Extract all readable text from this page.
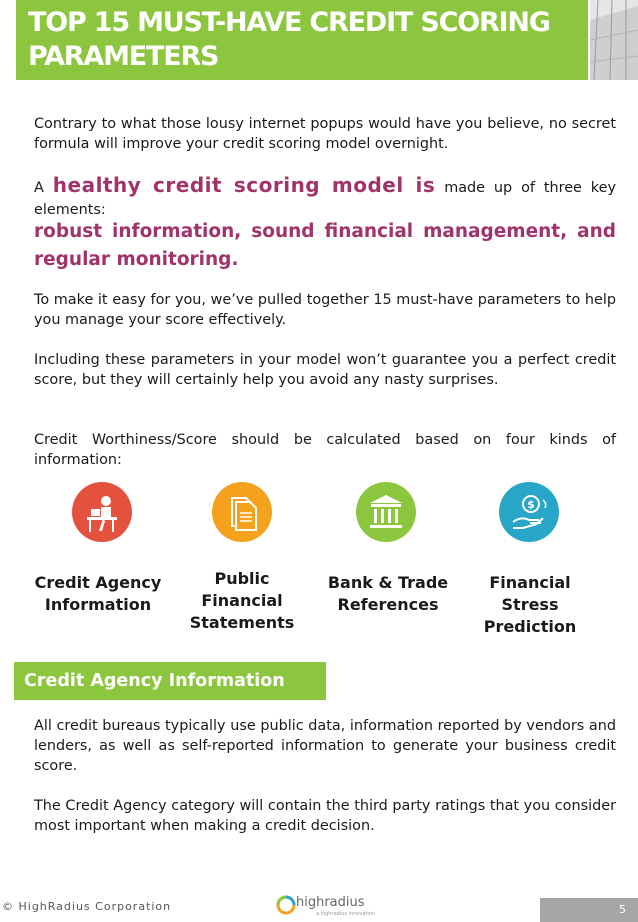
TOP 15 MUST-HAVE CREDIT SCORING PARAMETERS

Contrary to what those lousy internet popups would have you believe, no secret formula will improve your credit scoring model overnight.

A healthy credit scoring model is made up of three key elements:

robust information, sound financial management, and regular monitoring.

To make it easy for you, we’ve pulled together 15 must-have parameters to help you manage your score effectively.

Including these parameters in your model won’t guarantee you a perfect credit score, but they will certainly help you avoid any nasty surprises.

Credit Worthiness/Score should be calculated based on four kinds of information:

$

Credit Agency Information

Public Financial Statements

Bank & Trade References

Financial Stress Prediction

Credit Agency Information

All credit bureaus typically use public data, information reported by vendors and lenders, as well as self-reported information to generate your business credit score.

The Credit Agency category will contain the third party ratings that you consider most important when making a credit decision.

© HighRadius Corporation	highradius
a highradius innovation	5
